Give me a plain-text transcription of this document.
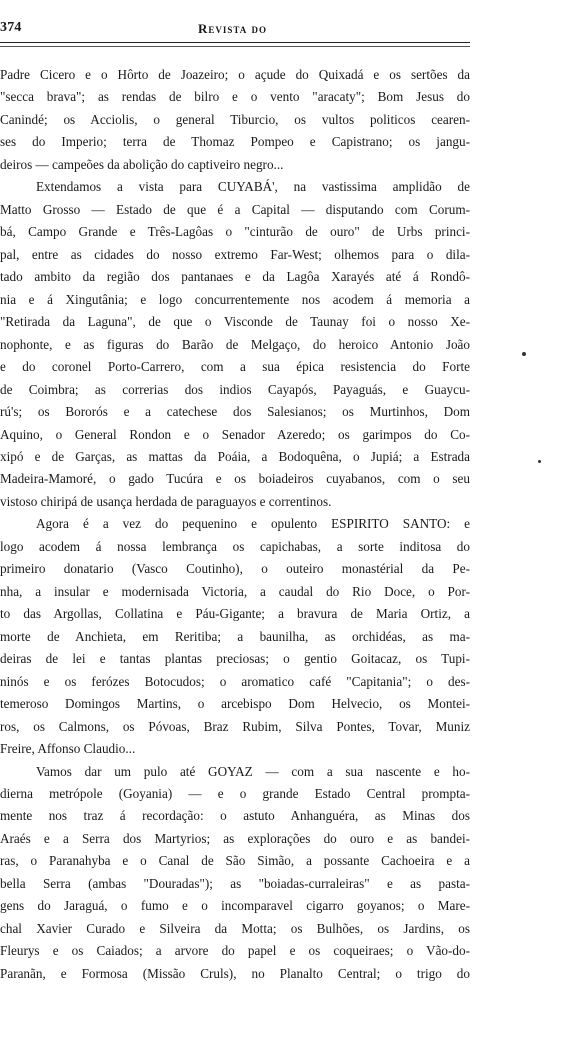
374	Revista do
Padre Cicero e o Hôrto de Joazeiro; o açude do Quixadá e os sertões da
"secca brava"; as rendas de bilro e o vento "aracaty"; Bom Jesus do
Canindé; os Acciolis, o general Tiburcio, os vultos politicos cearen-
ses do Imperio; terra de Thomaz Pompeo e Capistrano; os jangu-
deiros — campeões da abolição do captiveiro negro...
Extendamos a vista para CUYABÁ', na vastissima amplidão de
Matto Grosso — Estado de que é a Capital — disputando com Corum-
bá, Campo Grande e Três-Lagôas o "cinturão de ouro" de Urbs princi-
pal, entre as cidades do nosso extremo Far-West; olhemos para o dila-
tado ambito da região dos pantanaes e da Lagôa Xarayés até á Rondô-
nia e á Xingutânia; e logo concurrentemente nos acodem á memoria a
"Retirada da Laguna", de que o Visconde de Taunay foi o nosso Xe-
nophonte, e as figuras do Barão de Melgaço, do heroico Antonio João
e do coronel Porto-Carrero, com a sua épica resistencia do Forte
de Coimbra; as correrias dos indios Cayapós, Payaguás, e Guaycu-
rú's; os Bororós e a catechese dos Salesianos; os Murtinhos, Dom
Aquino, o General Rondon e o Senador Azeredo; os garimpos do Co-
xipó e de Garças, as mattas da Poáia, a Bodoquêna, o Jupiá; a Estrada
Madeira-Mamoré, o gado Tucúra e os boiadeiros cuyabanos, com o seu
vistoso chiripá de usança herdada de paraguayos e correntinos.
Agora é a vez do pequenino e opulento ESPIRITO SANTO: e
logo acodem á nossa lembrança os capichabas, a sorte inditosa do
primeiro donatario (Vasco Coutinho), o outeiro monastérial da Pe-
nha, a insular e modernisada Victoria, a caudal do Rio Doce, o Por-
to das Argollas, Collatina e Páu-Gigante; a bravura de Maria Ortiz, a
morte de Anchieta, em Reritiba; a baunilha, as orchidéas, as ma-
deiras de lei e tantas plantas preciosas; o gentio Goitacaz, os Tupi-
ninós e os ferózes Botocudos; o aromatico café "Capitania"; o des-
temeroso Domingos Martins, o arcebispo Dom Helvecio, os Montei-
ros, os Calmons, os Póvoas, Braz Rubim, Silva Pontes, Tovar, Muniz
Freire, Affonso Claudio...
Vamos dar um pulo até GOYAZ — com a sua nascente e ho-
dierna metrópole (Goyania) — e o grande Estado Central prompta-
mente nos traz á recordação: o astuto Anhanguéra, as Minas dos
Araés e a Serra dos Martyrios; as explorações do ouro e as bandei-
ras, o Paranahyba e o Canal de São Simão, a possante Cachoeira e a
bella Serra (ambas "Douradas"); as "boiadas-curraleiras" e as pasta-
gens do Jaraguá, o fumo e o incomparavel cigarro goyanos; o Mare-
chal Xavier Curado e Silveira da Motta; os Bulhões, os Jardins, os
Fleurys e os Caiados; a arvore do papel e os coqueiraes; o Vão-do-
Paranãn, e Formosa (Missão Cruls), no Planalto Central; o trigo do
